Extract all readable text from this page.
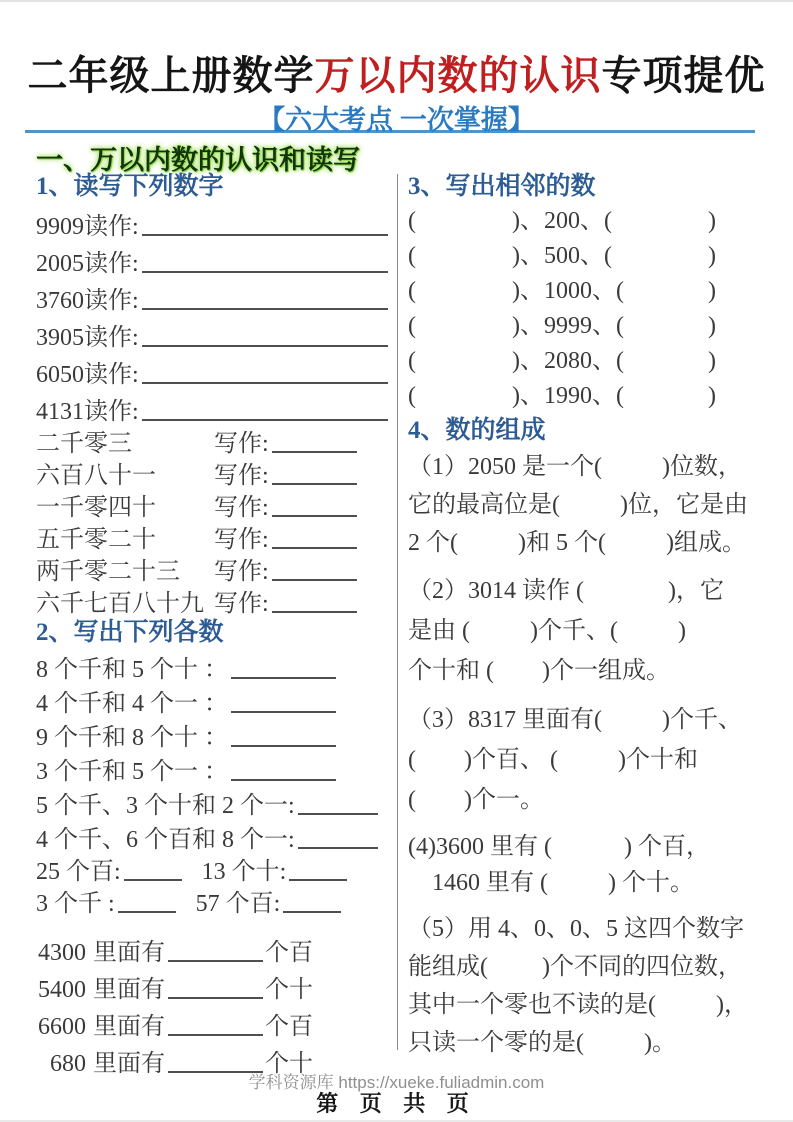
二年级上册数学万以内数的认识专项提优
【六大考点 一次掌握】
一、万以内数的认识和读写
1、读写下列数字
9909 读作:
2005 读作:
3760 读作:
3905 读作:
6050 读作:
4131 读作:
二千零三	写作:
六百八十一	写作:
一千零四十	写作:
五千零二十	写作:
两千零二十三	写作:
六千七百八十九 写作:
2、写出下列各数
8 个千和 5 个十 ：
4 个千和 4 个一 ：
9 个千和 8 个十 ：
3 个千和 5 个一 ：
5 个千、3 个十和 2 个一:
4 个千、6 个百和 8 个一:
25 个百:	13 个十:
3 个千 :	57 个百:
4300 里面有	个百
5400 里面有	个十
6600 里面有	个百
680 里面有	个十
3、写出相邻的数
(                )、200、(                )
(                )、500、(                )
(                )、1000、(              )
(                )、9999、(              )
(                )、2080、(              )
(                )、1990、(              )
4、数的组成
（1）2050 是一个(          )位数，
它的最高位是(          )位，它是由
2 个(          )和 5 个(          )组成。
（2）3014 读作 (              )，它
是由 (          )个千、(          )
个十和 (        )个一组成。
（3）8317 里面有(          )个千、
(        )个百、 (          )个十和
(        )个一。
(4)3600 里有 (            ) 个百，
1460 里有 (          ) 个十。
（5）用 4、0、0、5 这四个数字
能组成(         )个不同的四位数，
其中一个零也不读的是(          )，
只读一个零的是(          )。
学科资源库 https://xueke.fuliadmin.com
第 页 共 页
